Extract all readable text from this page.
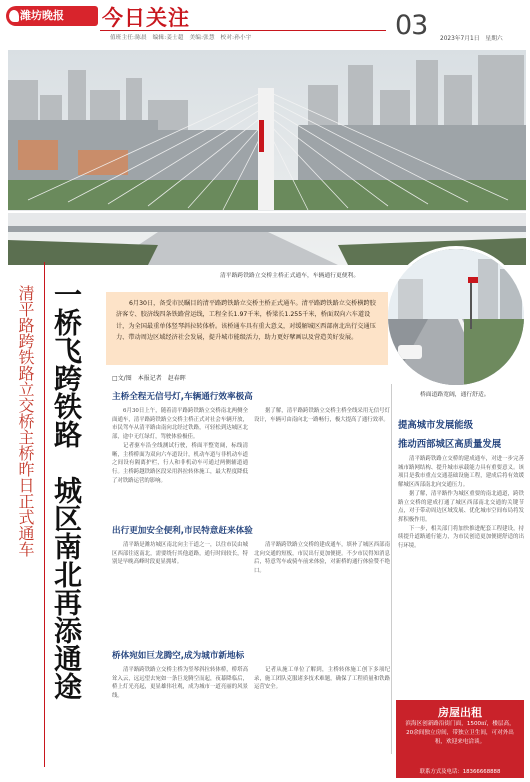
潍坊晚报	今日关注
值班主任:陈晨　编辑:姜士超　美编:张慧　校对:孙小宇	03 2023年7月1日　星期六
清平路跨铁路立交桥主桥正式通车，车辆通行更便利。
桥面道路宽阔，通行舒适。

6月30日，备受市民瞩目的清平路跨铁路立交桥主桥正式通车。清平路跨铁路立交桥横跨胶济客专、胶济线四条铁路营运线，工程全长1.97千米，桥梁长1.255千米，桥面双向六车道设计，为全国最重单体竖琴斜拉转体桥。该桥通车具有重大意义，对缓解城区西部南北出行交通压力、带动周边区域经济社会发展，提升城市能级活力，助力更好擘画以及营造美好发展。

一桥飞跨铁路　城区南北再添通途
清平路跨铁路立交桥主桥昨日正式通车	□文/图　本报记者　赵春晖
主桥全程无信号灯,车辆通行效率极高

6月30日上午，随着清平路跨铁路立交桥南北两侧全面通车，清平路跨铁路立交桥主桥正式对社会车辆开放，市民驾车从清平路由南向北经过铁路，可轻松到达城区北部，途中无红绿灯，驾驶体验极佳。

记者驱车沿全线测试行驶，桥面平整宽阔，标线清晰，主桥桥面为双向六车道设计，机动车道与非机动车道之间设有隔离护栏，行人和非机动车可通过两侧辅道通行。主桥跨越铁路区段采用斜拉转体施工，最大程度降低了对铁路运营的影响。

据了解，清平路跨铁路立交桥主桥全线采用无信号灯设计，车辆可由南向北一路畅行，极大提高了通行效率。

出行更加安全便利,市民特意赶来体验

清平路是潍坊城区南北向主干道之一，以往市民由城区西部往返南北，需要绕行其他道路，通行时间较长，特别是早晚高峰时段更显拥堵。

清平路跨铁路立交桥的建成通车，填补了城区西部南北向交通的短板，市民出行更加便捷。不少市民得知消息后，特意驾车或骑车前来体验，对新桥的通行体验赞不绝口。

桥体宛如巨龙腾空,成为城市新地标

清平路跨铁路立交桥主桥为竖琴斜拉转体桥，桥塔高耸入云，远远望去宛如一条巨龙腾空而起，夜幕降临后，桥上灯光亮起，更显雄伟壮观，成为城市一道亮丽的风景线。

记者从施工单位了解到，主桥转体施工创下多项纪录，施工团队克服诸多技术难题，确保了工程质量和铁路运营安全。

提高城市发展能级
推动西部城区高质量发展

清平路跨铁路立交桥的建成通车，对进一步完善城市路网结构、提升城市承载能力具有重要意义。该项目是我市重点交通基础设施工程，建成后将有效缓解城区西部南北向交通压力。

据了解，清平路作为城区重要的南北通道，跨铁路立交桥的建成打通了城区西部南北交通的关键节点，对于带动周边区域发展、优化城市空间布局将发挥积极作用。

下一步，相关部门将加快推进配套工程建设，持续提升道路通行能力，为市民创造更加便捷舒适的出行环境。

房屋出租
滨海区创新路沿街门面，1500㎡，楼层高，20余间独立房间，带独立卫生间，可对外出租，欢迎来电洽谈。
联系方式及电话：18366668888
